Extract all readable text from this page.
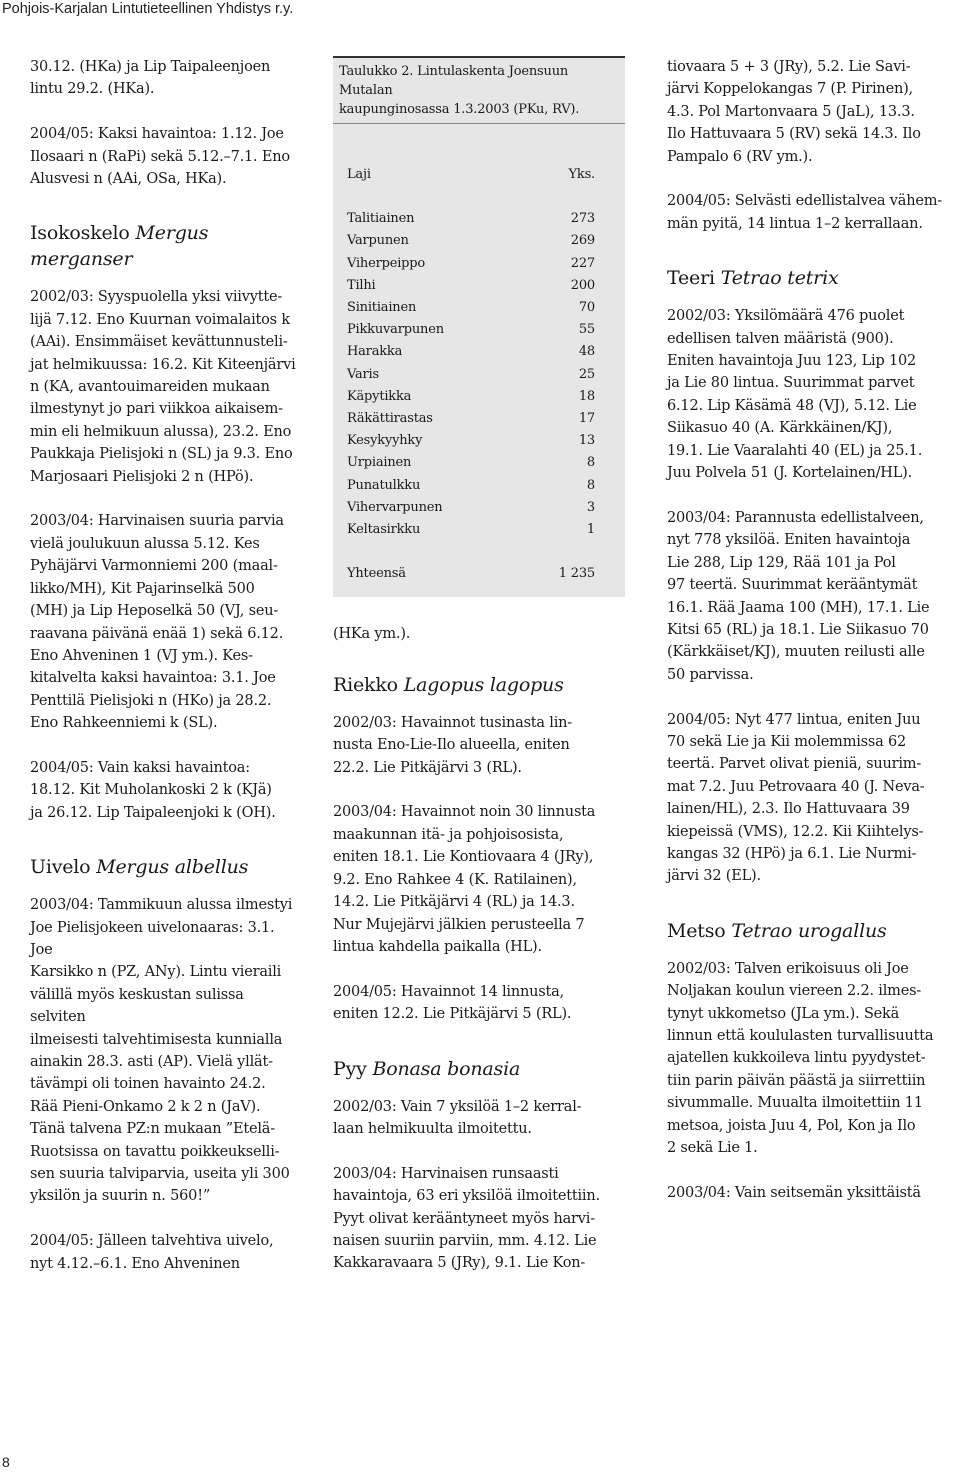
Pohjois-Karjalan Lintutieteellinen Yhdistys r.y.

30.12. (HKa) ja Lip Taipaleenjoen

lintu 29.2. (HKa).

2004/05: Kaksi havaintoa: 1.12. Joe

Ilosaari n (RaPi) sekä 5.12.–7.1. Eno

Alusvesi n (AAi, OSa, HKa).

Isokoskelo Mergus merganser

2002/03: Syyspuolella yksi viivytte-

lijä 7.12. Eno Kuurnan voimalaitos k

(AAi). Ensimmäiset kevättunnusteli-

jat helmikuussa: 16.2. Kit Kiteenjärvi

n (KA, avantouimareiden mukaan

ilmestynyt jo pari viikkoa aikaisem-

min eli helmikuun alussa), 23.2. Eno

Paukkaja Pielisjoki n (SL) ja 9.3. Eno

Marjosaari Pielisjoki 2 n (HPö).

2003/04: Harvinaisen suuria parvia

vielä joulukuun alussa 5.12. Kes

Pyhäjärvi Varmonniemi 200 (maal-

likko/MH), Kit Pajarinselkä 500

(MH) ja Lip Heposelkä 50 (VJ, seu-

raavana päivänä enää 1) sekä 6.12.

Eno Ahveninen 1 (VJ ym.). Kes-

kitalvelta kaksi havaintoa: 3.1. Joe

Penttilä Pielisjoki n (HKo) ja 28.2.

Eno Rahkeenniemi k (SL).

2004/05: Vain kaksi havaintoa:

18.12. Kit Muholankoski 2 k (KJä)

ja 26.12. Lip Taipaleenjoki k (OH).

Uivelo Mergus albellus

2003/04: Tammikuun alussa ilmestyi

Joe Pielisjokeen uivelonaaras: 3.1. Joe

Karsikko n (PZ, ANy). Lintu vieraili

välillä myös keskustan sulissa selviten

ilmeisesti talvehtimisesta kunnialla

ainakin 28.3. asti (AP). Vielä yllät-

tävämpi oli toinen havainto 24.2.

Rää Pieni-Onkamo 2 k 2 n (JaV).

Tänä talvena PZ:n mukaan ”Etelä-

Ruotsissa on tavattu poikkeukselli-

sen suuria talviparvia, useita yli 300

yksilön ja suurin n. 560!”

2004/05: Jälleen talvehtiva uivelo,

nyt 4.12.–6.1. Eno Ahveninen

Taulukko 2. Lintulaskenta Joensuun Mutalan

kaupunginosassa 1.3.2003 (PKu, RV).

Laji	Yks.
Talitiainen	273
Varpunen	269
Viherpeippo	227
Tilhi	200
Sinitiainen	70
Pikkuvarpunen	55
Harakka	48
Varis	25
Käpytikka	18
Räkättirastas	17
Kesykyyhky	13
Urpiainen	8
Punatulkku	8
Vihervarpunen	3
Keltasirkku	1
Yhteensä	1 235

(HKa ym.).

Riekko Lagopus lagopus

2002/03: Havainnot tusinasta lin-

nusta Eno-Lie-Ilo alueella, eniten

22.2. Lie Pitkäjärvi 3 (RL).

2003/04: Havainnot noin 30 linnusta

maakunnan itä- ja pohjoisosista,

eniten 18.1. Lie Kontiovaara 4 (JRy),

9.2. Eno Rahkee 4 (K. Ratilainen),

14.2. Lie Pitkäjärvi 4 (RL) ja 14.3.

Nur Mujejärvi jälkien perusteella 7

lintua kahdella paikalla (HL).

2004/05: Havainnot 14 linnusta,

eniten 12.2. Lie Pitkäjärvi 5 (RL).

Pyy Bonasa bonasia

2002/03: Vain 7 yksilöä 1–2 kerral-

laan helmikuulta ilmoitettu.

2003/04: Harvinaisen runsaasti

havaintoja, 63 eri yksilöä ilmoitettiin.

Pyyt olivat kerääntyneet myös harvi-

naisen suuriin parviin, mm. 4.12. Lie

Kakkaravaara 5 (JRy), 9.1. Lie Kon-

tiovaara 5 + 3 (JRy), 5.2. Lie Savi-

järvi Koppelokangas 7 (P. Pirinen),

4.3. Pol Martonvaara 5 (JaL), 13.3.

Ilo Hattuvaara 5 (RV) sekä 14.3. Ilo

Pampalo 6 (RV ym.).

2004/05: Selvästi edellistalvea vähem-

män pyitä, 14 lintua 1–2 kerrallaan.

Teeri Tetrao tetrix

2002/03: Yksilömäärä 476 puolet

edellisen talven määristä (900).

Eniten havaintoja Juu 123, Lip 102

ja Lie 80 lintua. Suurimmat parvet

6.12. Lip Käsämä 48 (VJ), 5.12. Lie

Siikasuo 40 (A. Kärkkäinen/KJ),

19.1. Lie Vaaralahti 40 (EL) ja 25.1.

Juu Polvela 51 (J. Kortelainen/HL).

2003/04: Parannusta edellistalveen,

nyt 778 yksilöä. Eniten havaintoja

Lie 288, Lip 129, Rää 101 ja Pol

97 teertä. Suurimmat kerääntymät

16.1. Rää Jaama 100 (MH), 17.1. Lie

Kitsi 65 (RL) ja 18.1. Lie Siikasuo 70

(Kärkkäiset/KJ), muuten reilusti alle

50 parvissa.

2004/05: Nyt 477 lintua, eniten Juu

70 sekä Lie ja Kii molemmissa 62

teertä. Parvet olivat pieniä, suurim-

mat 7.2. Juu Petrovaara 40 (J. Neva-

lainen/HL), 2.3. Ilo Hattuvaara 39

kiepeissä (VMS), 12.2. Kii Kiihtelys-

kangas 32 (HPö) ja 6.1. Lie Nurmi-

järvi 32 (EL).

Metso Tetrao urogallus

2002/03: Talven erikoisuus oli Joe

Noljakan koulun viereen 2.2. ilmes-

tynyt ukkometso (JLa ym.). Sekä

linnun että koululasten turvallisuutta

ajatellen kukkoileva lintu pyydystet-

tiin parin päivän päästä ja siirrettiin

sivummalle. Muualta ilmoitettiin 11

metsoa, joista Juu 4, Pol, Kon ja Ilo

2 sekä Lie 1.

2003/04: Vain seitsemän yksittäistä

8
